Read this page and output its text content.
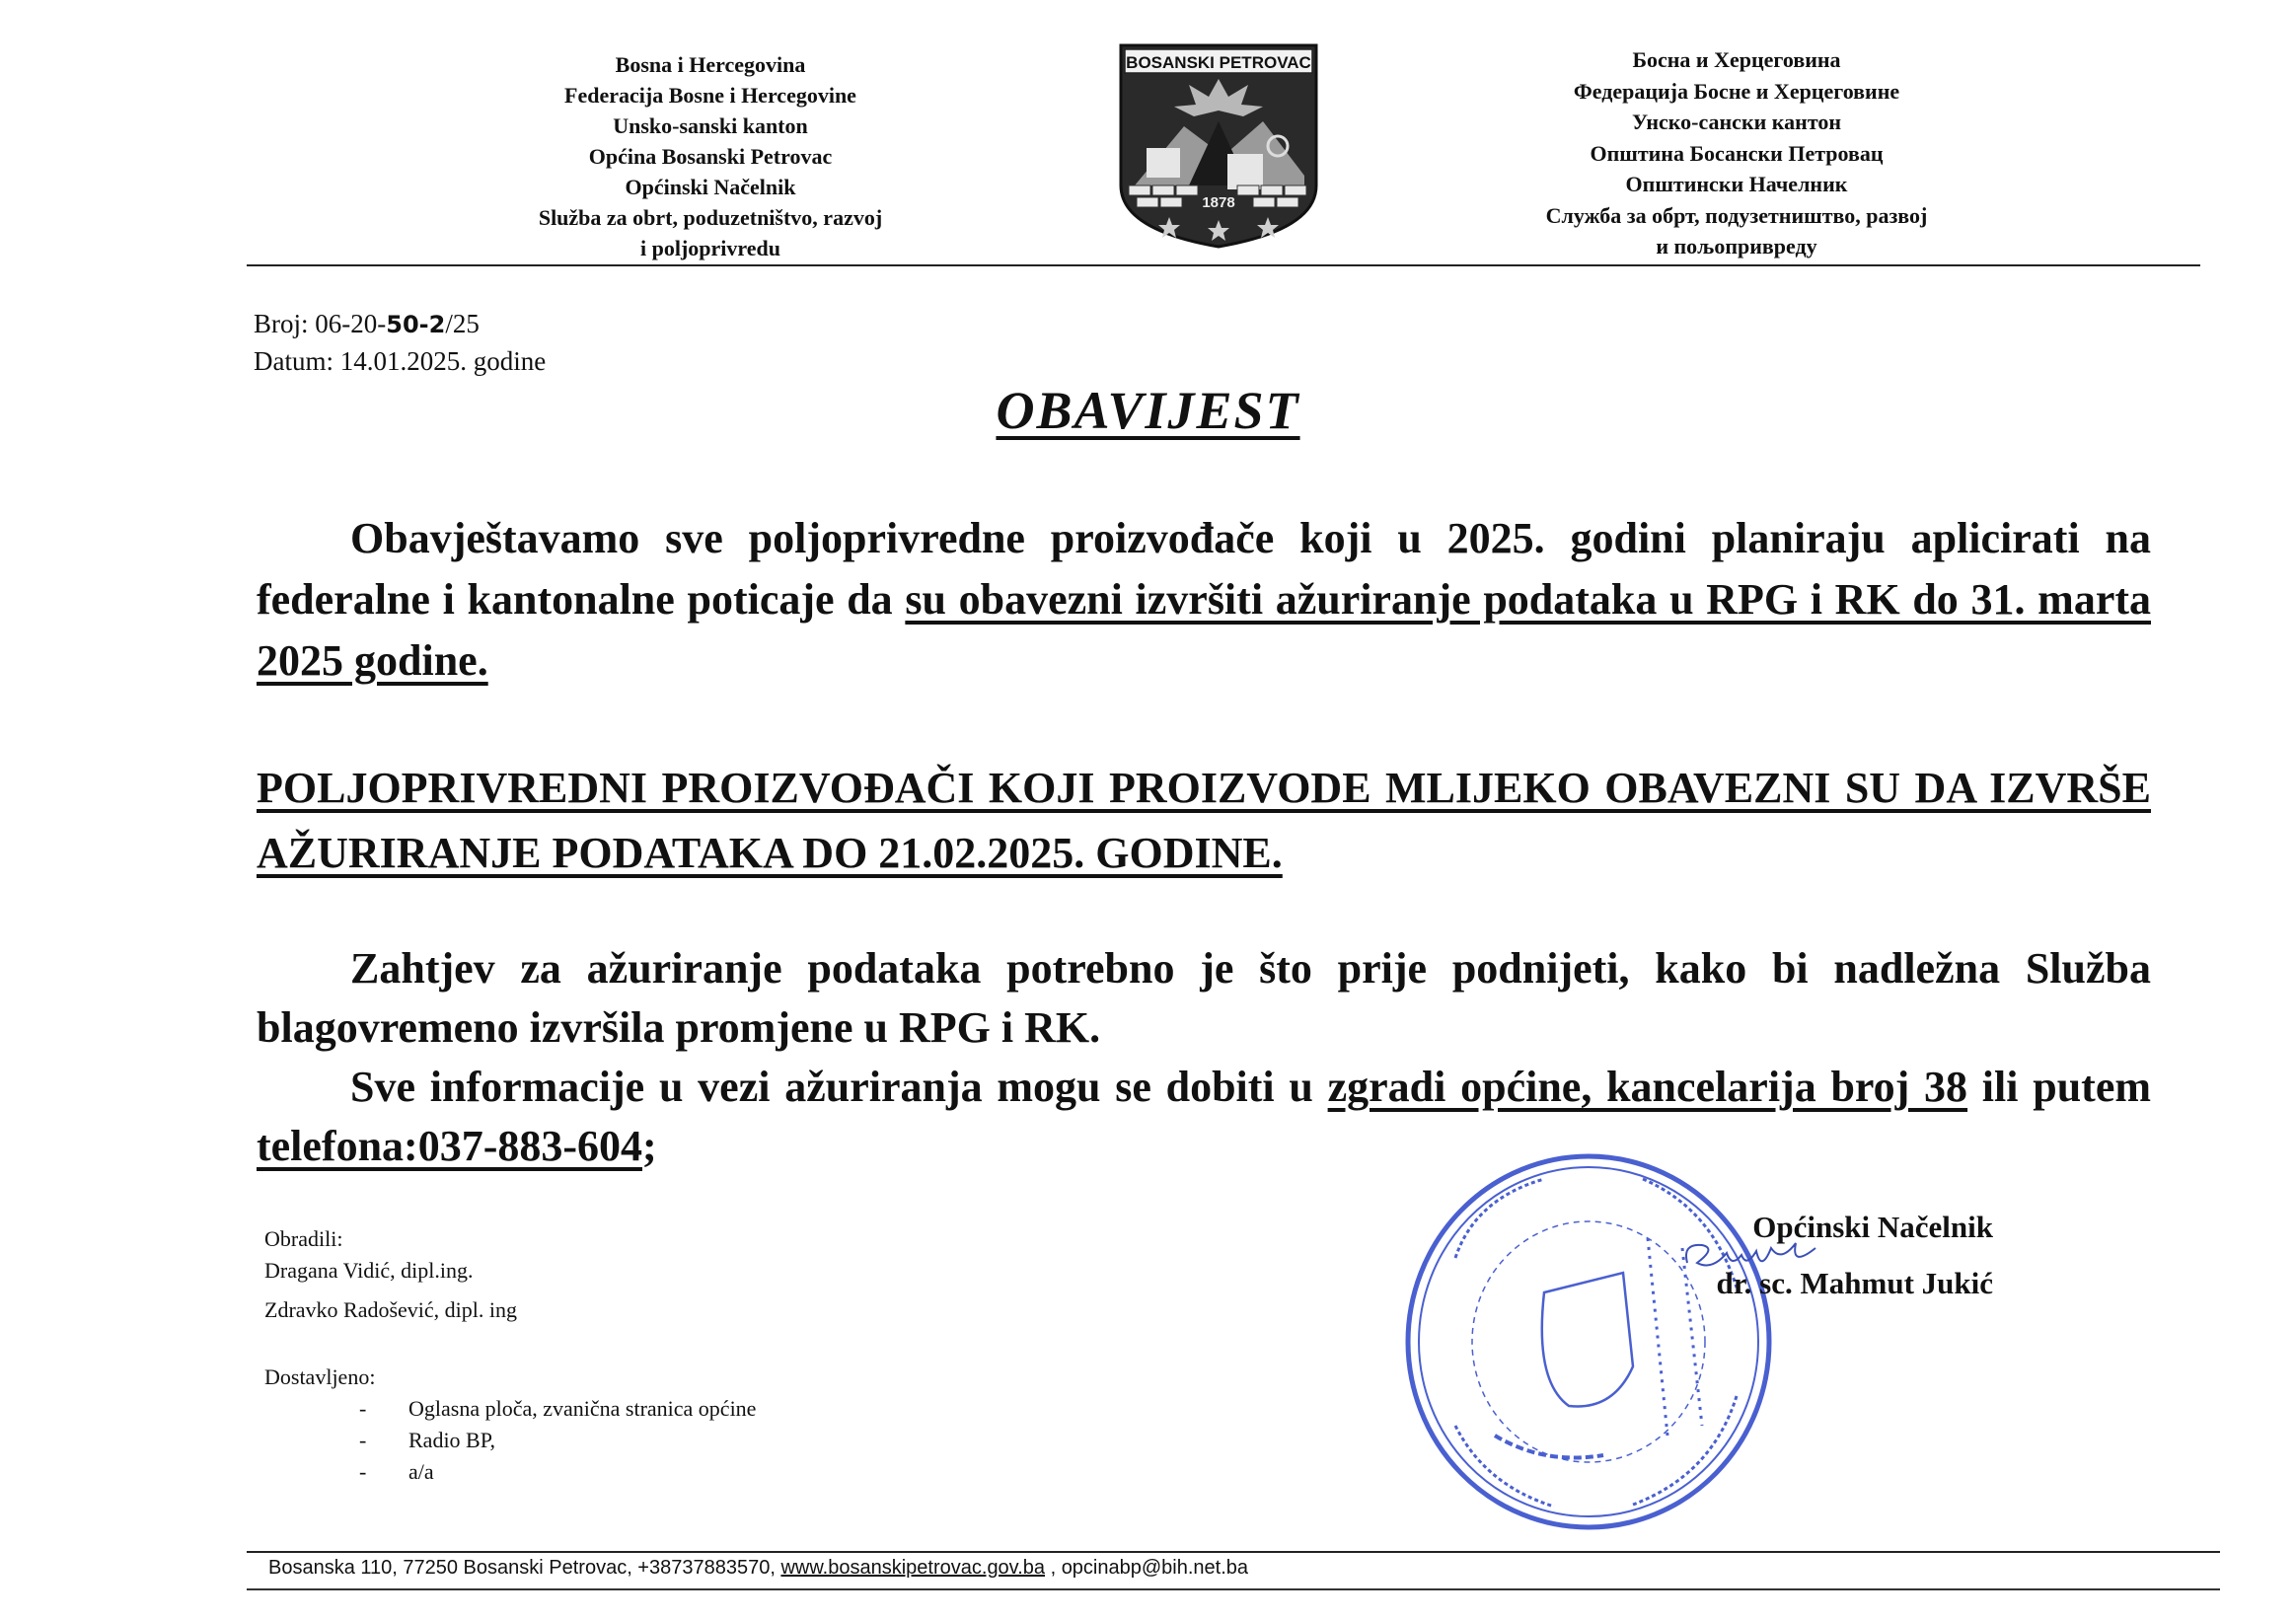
Bosna i Hercegovina
Federacija Bosne i Hercegovine
Unsko-sanski kanton
Općina Bosanski Petrovac
Općinski Načelnik
Služba za obrt, poduzetništvo, razvoj
i poljoprivredu
BOSANSKI PETROVAC
1878
Босна и Херцеговина
Федерација Босне и Херцеговине
Унско-сански кантон
Општина Босански Петровац
Општински Начелник
Служба за обрт, подузетништво, развој
и пољопривреду
Broj: 06-20-50-2/25
Datum: 14.01.2025. godine
OBAVIJEST
Obavještavamo sve poljoprivredne proizvođače koji u 2025. godini planiraju aplicirati na federalne i kantonalne poticaje da su obavezni izvršiti ažuriranje podataka u RPG i RK do 31. marta 2025 godine.
POLJOPRIVREDNI PROIZVOĐAČI KOJI PROIZVODE MLIJEKO OBAVEZNI SU DA IZVRŠE AŽURIRANJE PODATAKA DO 21.02.2025. GODINE.
Zahtjev za ažuriranje podataka potrebno je što prije podnijeti, kako bi nadležna Služba blagovremeno izvršila promjene u RPG i RK.
Sve informacije u vezi ažuriranja mogu se dobiti u zgradi općine, kancelarija broj 38 ili putem telefona:037-883-604;
Obradili:
Dragana Vidić, dipl.ing.
Zdravko Radošević, dipl. ing
Dostavljeno:
-	Oglasna ploča, zvanična stranica općine
-	Radio BP,
-	a/a
Općinski Načelnik
dr. sc. Mahmut Jukić
Bosanska 110, 77250 Bosanski Petrovac, +38737883570, www.bosanskipetrovac.gov.ba , opcinabp@bih.net.ba
